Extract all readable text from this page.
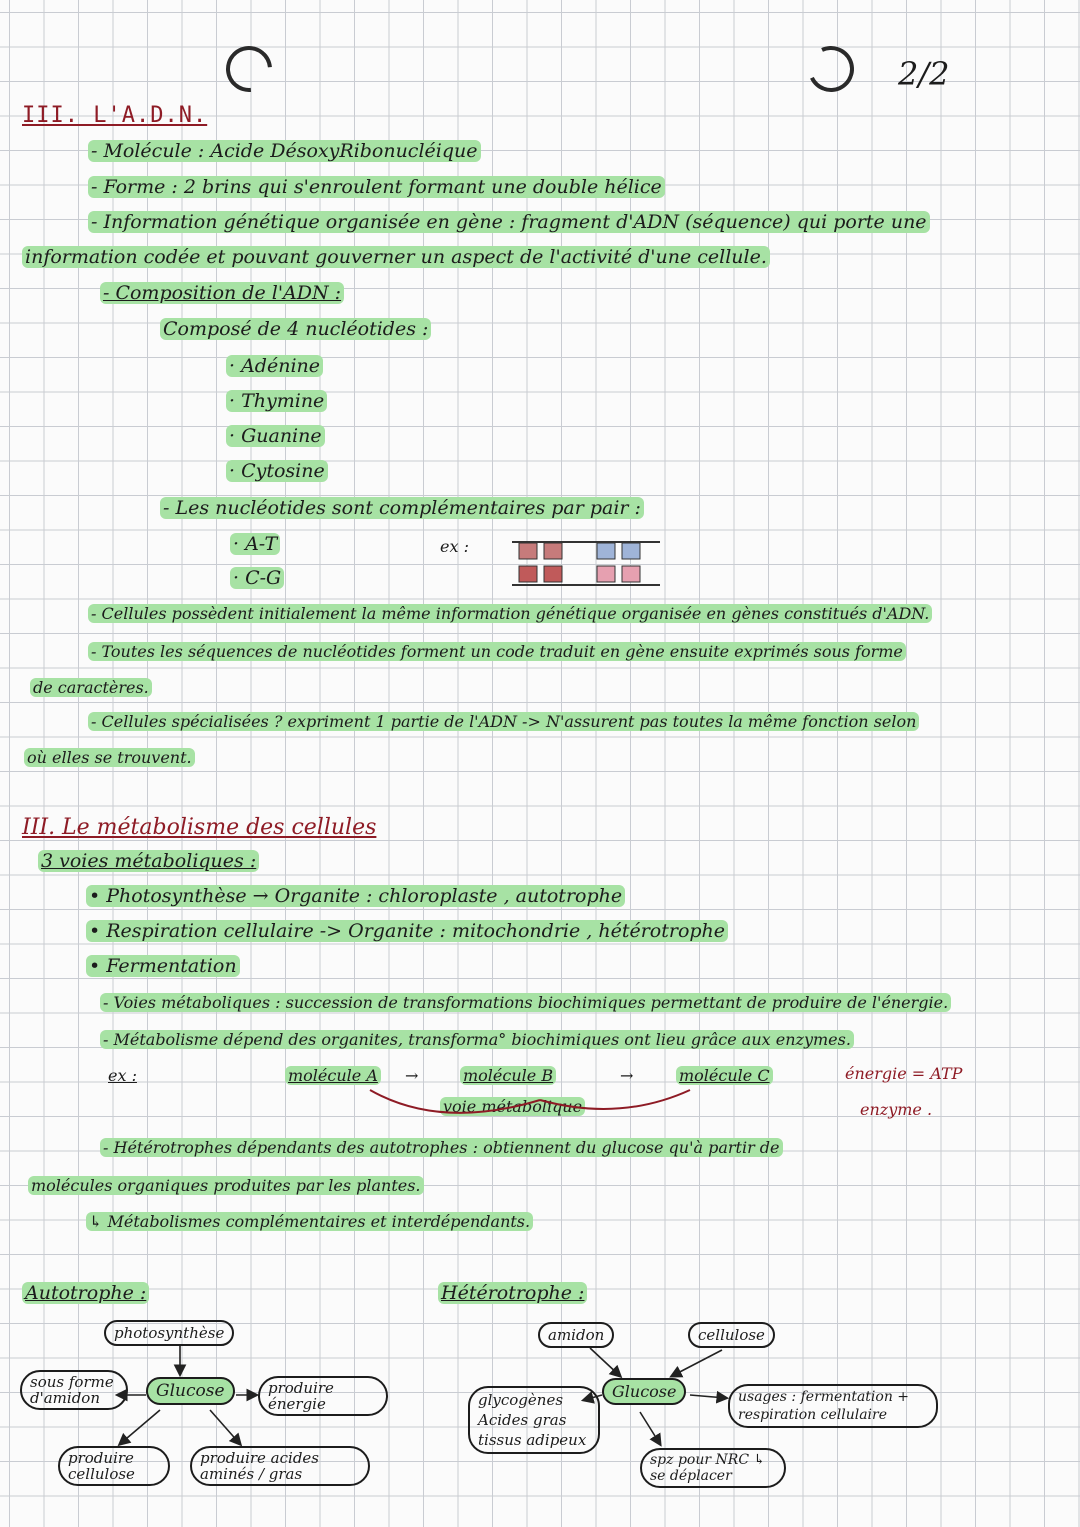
2/2
III. L'A.D.N.
- Molécule : Acide DésoxyRibonucléique
- Forme : 2 brins qui s'enroulent formant une double hélice
- Information génétique organisée en gène : fragment d'ADN (séquence) qui porte une
information codée et pouvant gouverner un aspect de l'activité d'une cellule.
- Composition de l'ADN :
Composé de 4 nucléotides :
· Adénine
· Thymine
· Guanine
· Cytosine
- Les nucléotides sont complémentaires par pair :
· A-T
· C-G
ex :
- Cellules possèdent initialement la même information génétique organisée en gènes constitués d'ADN.
- Toutes les séquences de nucléotides forment un code traduit en gène ensuite exprimés sous forme
de caractères.
- Cellules spécialisées ? expriment 1 partie de l'ADN -> N'assurent pas toutes la même fonction selon
où elles se trouvent.
III. Le métabolisme des cellules
3 voies métaboliques :
• Photosynthèse → Organite : chloroplaste , autotrophe
• Respiration cellulaire -> Organite : mitochondrie , hétérotrophe
• Fermentation
- Voies métaboliques : succession de transformations biochimiques permettant de produire de l'énergie.
- Métabolisme dépend des organites, transforma° biochimiques ont lieu grâce aux enzymes.
ex :	molécule A →	molécule B	→	molécule C	énergie = ATP
voie métabolique	enzyme .
- Hétérotrophes dépendants des autotrophes : obtiennent du glucose qu'à partir de
molécules organiques produites par les plantes.
↳ Métabolismes complémentaires et interdépendants.
Autotrophe :
photosynthèse
Glucose
sous forme d'amidon
produire énergie
produire cellulose
produire acides aminés / gras
Hétérotrophe :
amidon	cellulose
Glucose
glycogènes Acides gras tissus adipeux
usages : fermentation + respiration cellulaire
spz pour NRC ↳ se déplacer
